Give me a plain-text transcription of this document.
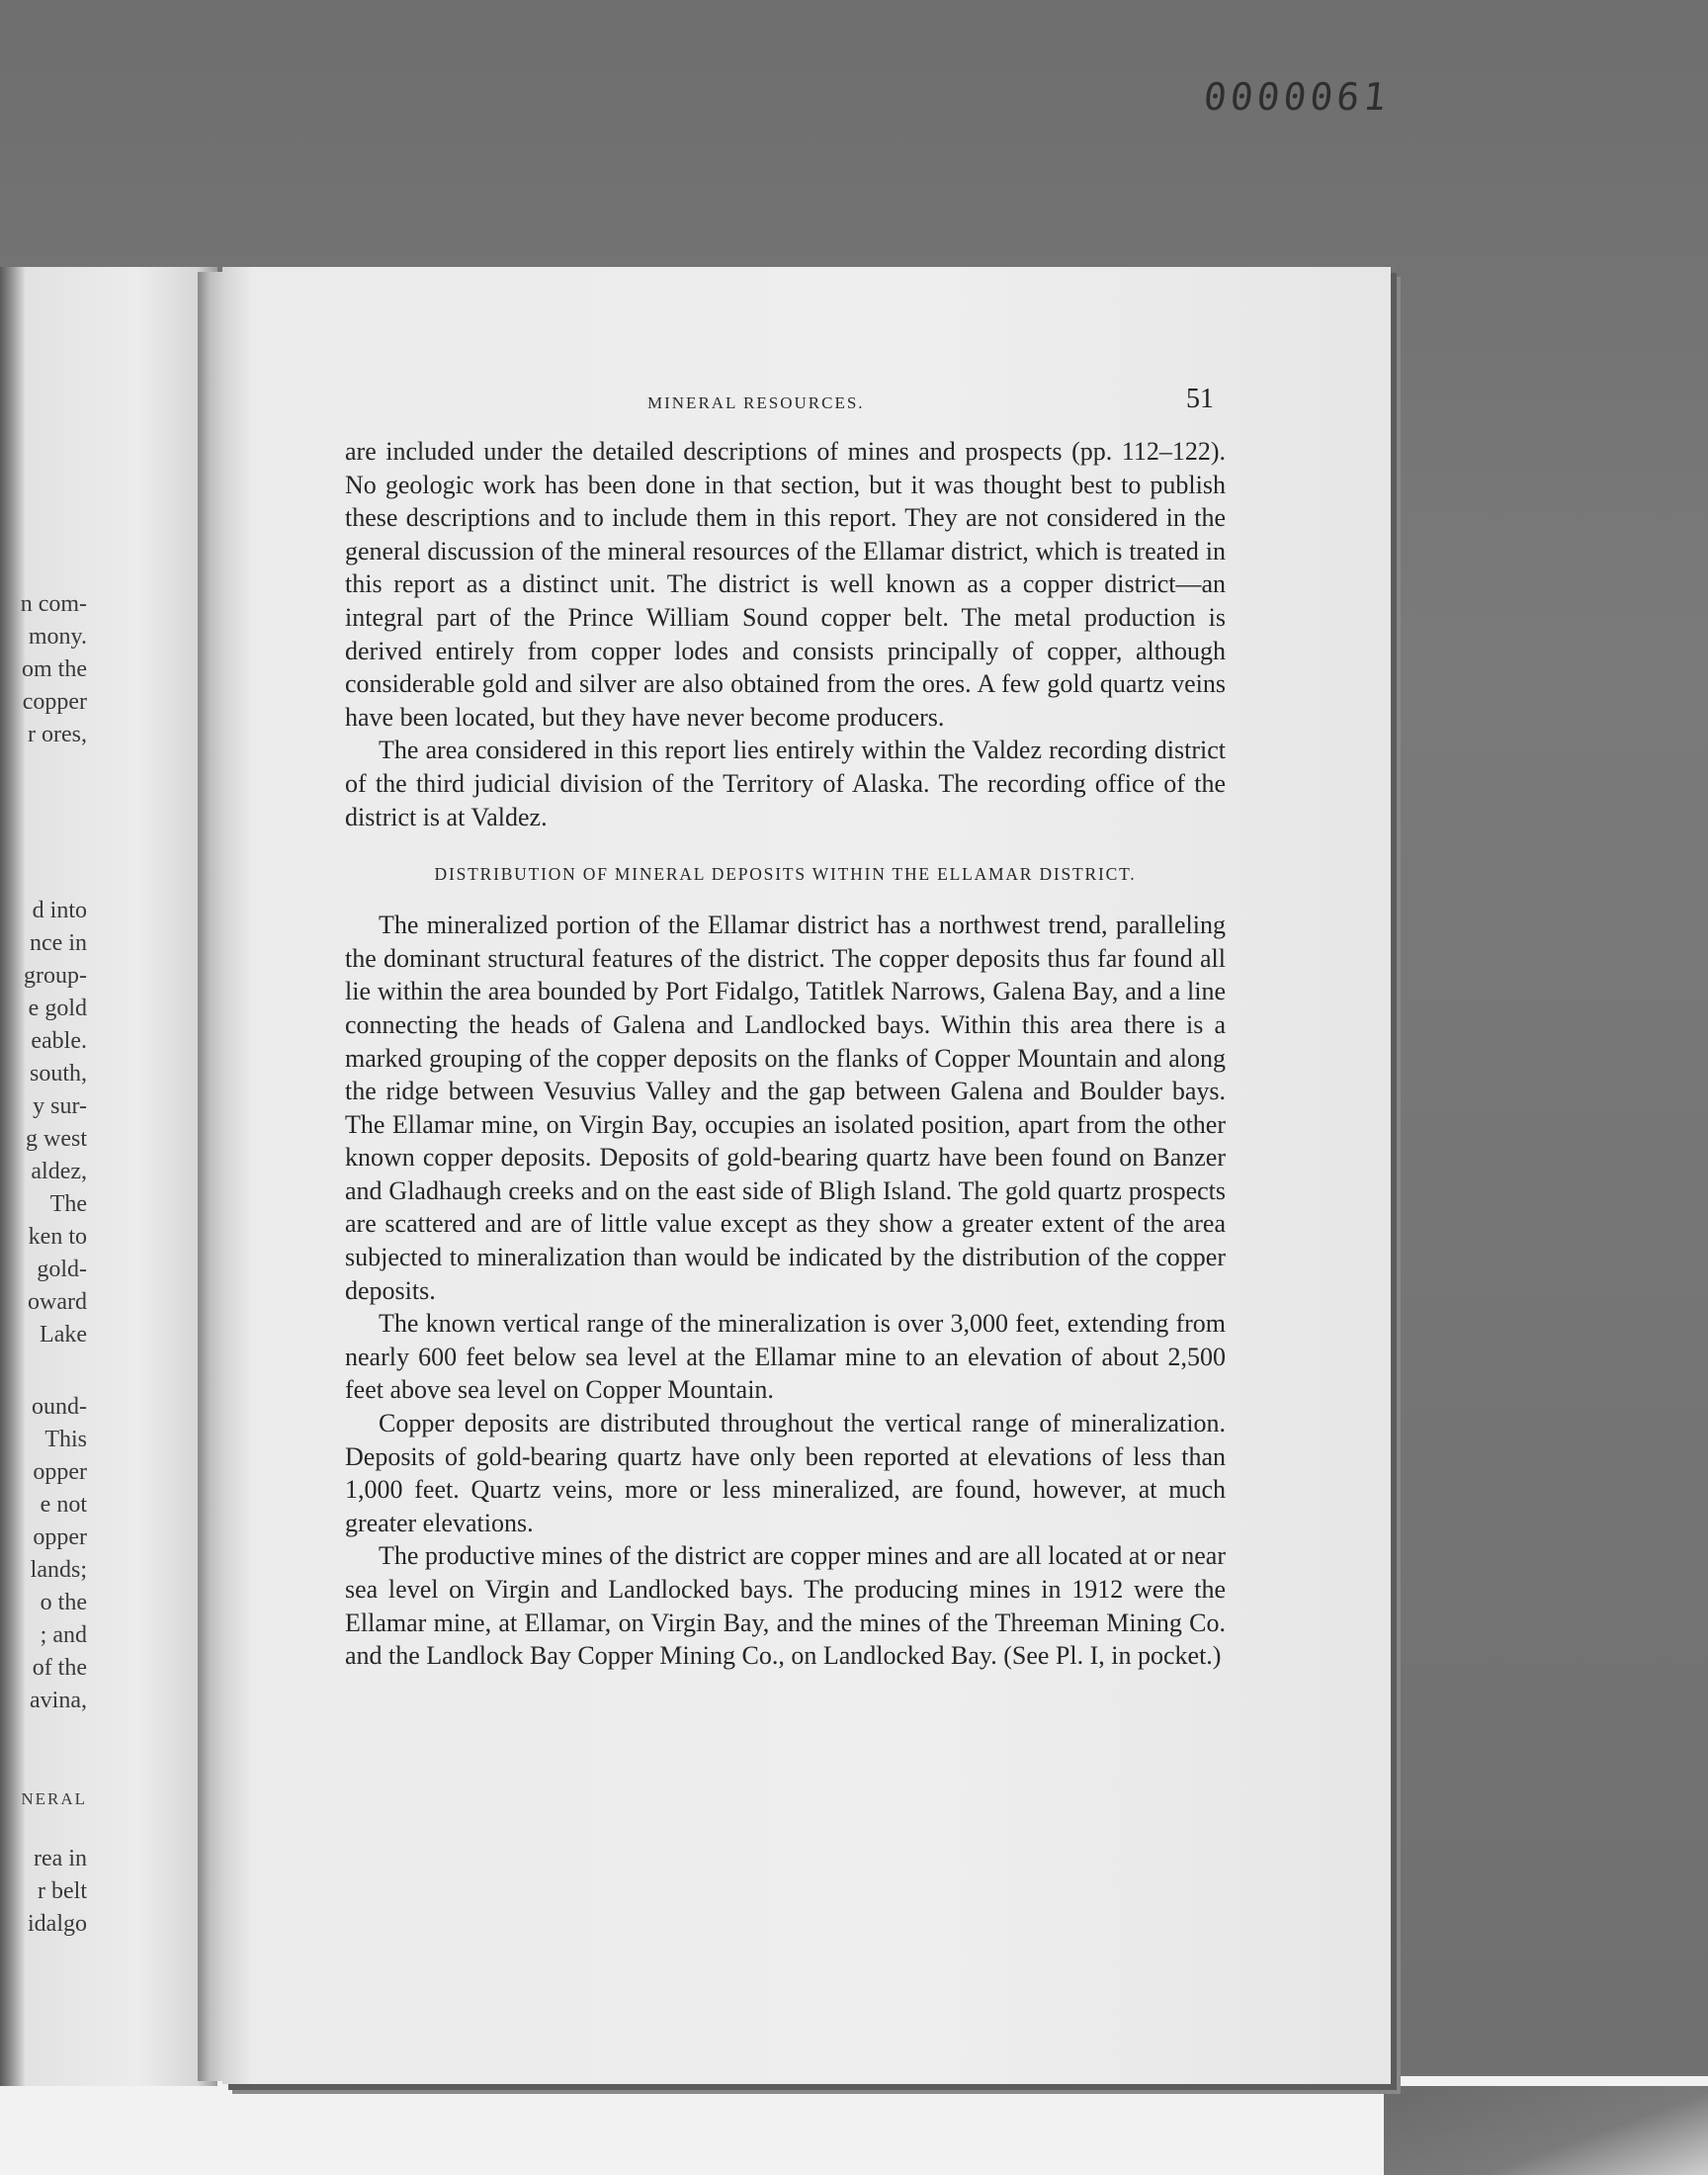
0000061
n com-
mony.
om the
copper
r ores,
d into
nce in
group-
e gold
eable.
south,
y sur-
g west
aldez,
The
ken to
gold-
oward
Lake
ound-
This
opper
e not
opper
lands;
o the
; and
of the
avina,
NERAL
rea in
r belt
idalgo
MINERAL RESOURCES.	51

are included under the detailed descriptions of mines and prospects (pp. 112–122). No geologic work has been done in that section, but it was thought best to publish these descriptions and to include them in this report. They are not considered in the general discussion of the mineral resources of the Ellamar district, which is treated in this report as a distinct unit. The district is well known as a copper district—an integral part of the Prince William Sound copper belt. The metal production is derived entirely from copper lodes and consists principally of copper, although considerable gold and silver are also obtained from the ores. A few gold quartz veins have been located, but they have never become producers.

The area considered in this report lies entirely within the Valdez recording district of the third judicial division of the Territory of Alaska. The recording office of the district is at Valdez.

DISTRIBUTION OF MINERAL DEPOSITS WITHIN THE ELLAMAR DISTRICT.

The mineralized portion of the Ellamar district has a northwest trend, paralleling the dominant structural features of the district. The copper deposits thus far found all lie within the area bounded by Port Fidalgo, Tatitlek Narrows, Galena Bay, and a line connecting the heads of Galena and Landlocked bays. Within this area there is a marked grouping of the copper deposits on the flanks of Copper Mountain and along the ridge between Vesuvius Valley and the gap between Galena and Boulder bays. The Ellamar mine, on Virgin Bay, occupies an isolated position, apart from the other known copper deposits. Deposits of gold-bearing quartz have been found on Banzer and Gladhaugh creeks and on the east side of Bligh Island. The gold quartz prospects are scattered and are of little value except as they show a greater extent of the area subjected to mineralization than would be indicated by the distribution of the copper deposits.

The known vertical range of the mineralization is over 3,000 feet, extending from nearly 600 feet below sea level at the Ellamar mine to an elevation of about 2,500 feet above sea level on Copper Mountain.

Copper deposits are distributed throughout the vertical range of mineralization. Deposits of gold-bearing quartz have only been reported at elevations of less than 1,000 feet. Quartz veins, more or less mineralized, are found, however, at much greater elevations.

The productive mines of the district are copper mines and are all located at or near sea level on Virgin and Landlocked bays. The producing mines in 1912 were the Ellamar mine, at Ellamar, on Virgin Bay, and the mines of the Threeman Mining Co. and the Landlock Bay Copper Mining Co., on Landlocked Bay. (See Pl. I, in pocket.)
